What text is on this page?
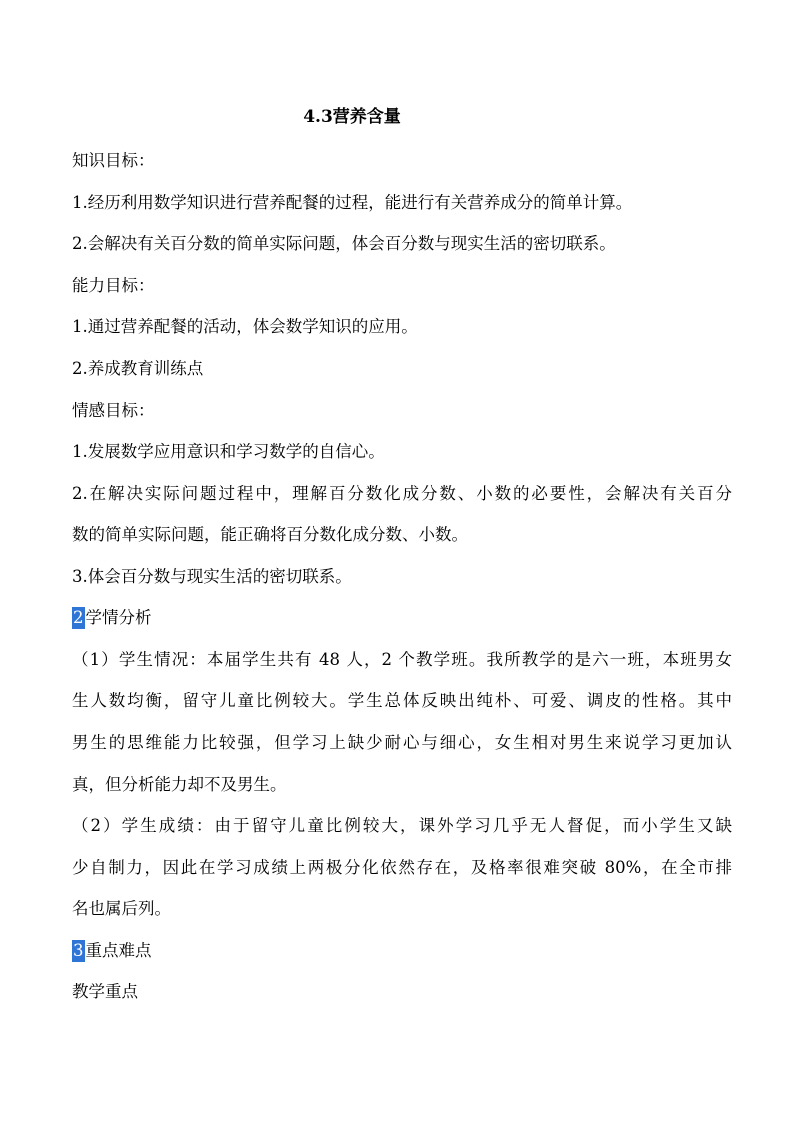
4.3营养含量
知识目标：
1.经历利用数学知识进行营养配餐的过程，能进行有关营养成分的简单计算。
2.会解决有关百分数的简单实际问题，体会百分数与现实生活的密切联系。
能力目标：
1.通过营养配餐的活动，体会数学知识的应用。
2.养成教育训练点
情感目标：
1.发展数学应用意识和学习数学的自信心。
2.在解决实际问题过程中，理解百分数化成分数、小数的必要性，会解决有关百分
数的简单实际问题，能正确将百分数化成分数、小数。
3.体会百分数与现实生活的密切联系。
2 学情分析
（1）学生情况：本届学生共有 48 人，2 个教学班。我所教学的是六一班，本班男女
生人数均衡，留守儿童比例较大。学生总体反映出纯朴、可爱、调皮的性格。其中
男生的思维能力比较强，但学习上缺少耐心与细心，女生相对男生来说学习更加认
真，但分析能力却不及男生。
（2）学生成绩：由于留守儿童比例较大，课外学习几乎无人督促，而小学生又缺
少自制力，因此在学习成绩上两极分化依然存在，及格率很难突破 80%，在全市排
名也属后列。
3 重点难点
教学重点
